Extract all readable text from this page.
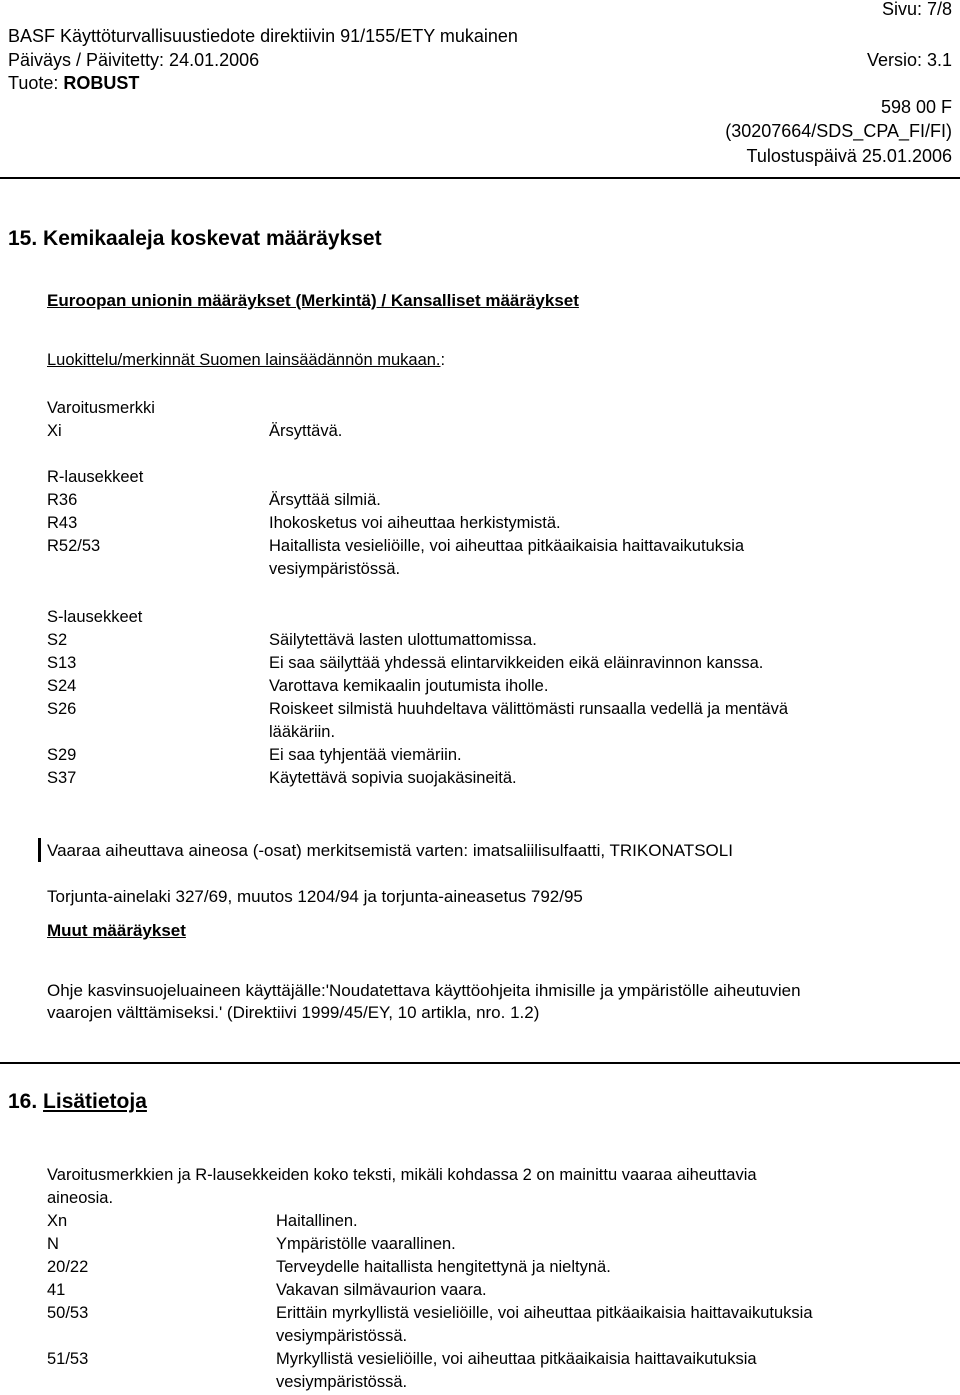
Sivu: 7/8
BASF Käyttöturvallisuustiedote direktiivin 91/155/ETY mukainen
Päiväys / Päivitetty: 24.01.2006	Versio: 3.1
Tuote: ROBUST
598 00 F
(30207664/SDS_CPA_FI/FI)
Tulostuspäivä 25.01.2006
15. Kemikaaleja koskevat määräykset
Euroopan unionin määräykset (Merkintä) / Kansalliset määräykset
Luokittelu/merkinnät Suomen lainsäädännön mukaan.:
Varoitusmerkki
Xi	Ärsyttävä.
R-lausekkeet
R36
R43
R52/53
Ärsyttää silmiä.
Ihokosketus voi aiheuttaa herkistymistä.
Haitallista vesieliöille, voi aiheuttaa pitkäaikaisia haittavaikutuksia
vesiympäristössä.
S-lausekkeet
S2
S13
S24
S26
S29
S37
Säilytettävä lasten ulottumattomissa.
Ei saa säilyttää yhdessä elintarvikkeiden eikä eläinravinnon kanssa.
Varottava kemikaalin joutumista iholle.
Roiskeet silmistä huuhdeltava välittömästi runsaalla vedellä ja mentävä
lääkäriin.
Ei saa tyhjentää viemäriin.
Käytettävä sopivia suojakäsineitä.
Vaaraa aiheuttava aineosa (-osat) merkitsemistä varten: imatsaliilisulfaatti, TRIKONATSOLI
Torjunta-ainelaki 327/69, muutos 1204/94 ja torjunta-aineasetus 792/95
Muut määräykset
Ohje kasvinsuojeluaineen käyttäjälle:'Noudatettava käyttöohjeita ihmisille ja ympäristölle aiheutuvien
vaarojen välttämiseksi.' (Direktiivi 1999/45/EY, 10 artikla, nro. 1.2)
16. Lisätietoja
Varoitusmerkkien ja R-lausekkeiden koko teksti, mikäli kohdassa 2 on mainittu vaaraa aiheuttavia
aineosia.
Xn
N
20/22
41
50/53
51/53
Haitallinen.
Ympäristölle vaarallinen.
Terveydelle haitallista hengitettynä ja nieltynä.
Vakavan silmävaurion vaara.
Erittäin myrkyllistä vesieliöille, voi aiheuttaa pitkäaikaisia haittavaikutuksia
vesiympäristössä.
Myrkyllistä vesieliöille, voi aiheuttaa pitkäaikaisia haittavaikutuksia
vesiympäristössä.
